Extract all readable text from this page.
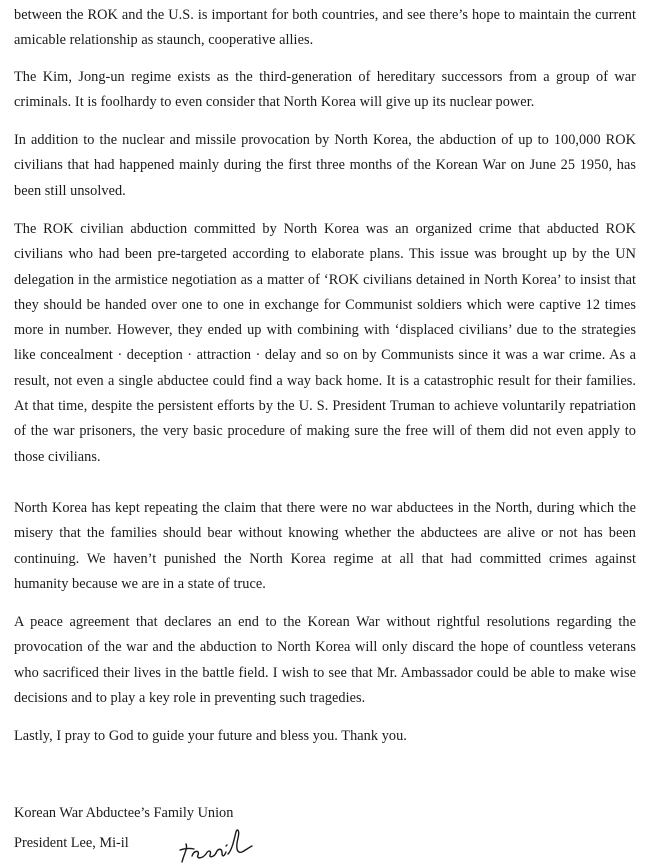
between the ROK and the U.S. is important for both countries, and see there’s hope to maintain the current amicable relationship as staunch, cooperative allies.

The Kim, Jong-un regime exists as the third-generation of hereditary successors from a group of war criminals. It is foolhardy to even consider that North Korea will give up its nuclear power.

In addition to the nuclear and missile provocation by North Korea, the abduction of up to 100,000 ROK civilians that had happened mainly during the first three months of the Korean War on June 25 1950, has been still unsolved.

The ROK civilian abduction committed by North Korea was an organized crime that abducted ROK civilians who had been pre-targeted according to elaborate plans. This issue was brought up by the UN delegation in the armistice negotiation as a matter of ‘ROK civilians detained in North Korea’ to insist that they should be handed over one to one in exchange for Communist soldiers which were captive 12 times more in number. However, they ended up with combining with ‘displaced civilians’ due to the strategies like concealment · deception · attraction · delay and so on by Communists since it was a war crime. As a result, not even a single abductee could find a way back home. It is a catastrophic result for their families. At that time, despite the persistent efforts by the U. S. President Truman to achieve voluntarily repatriation of the war prisoners, the very basic procedure of making sure the free will of them did not even apply to those civilians.

North Korea has kept repeating the claim that there were no war abductees in the North, during which the misery that the families should bear without knowing whether the abductees are alive or not has been continuing. We haven’t punished the North Korea regime at all that had committed crimes against humanity because we are in a state of truce.

A peace agreement that declares an end to the Korean War without rightful resolutions regarding the provocation of the war and the abduction to North Korea will only discard the hope of countless veterans who sacrificed their lives in the battle field. I wish to see that Mr. Ambassador could be able to make wise decisions and to play a key role in preventing such tragedies.

Lastly, I pray to God to guide your future and bless you. Thank you.

Korean War Abductee’s Family Union

President Lee, Mi-il
